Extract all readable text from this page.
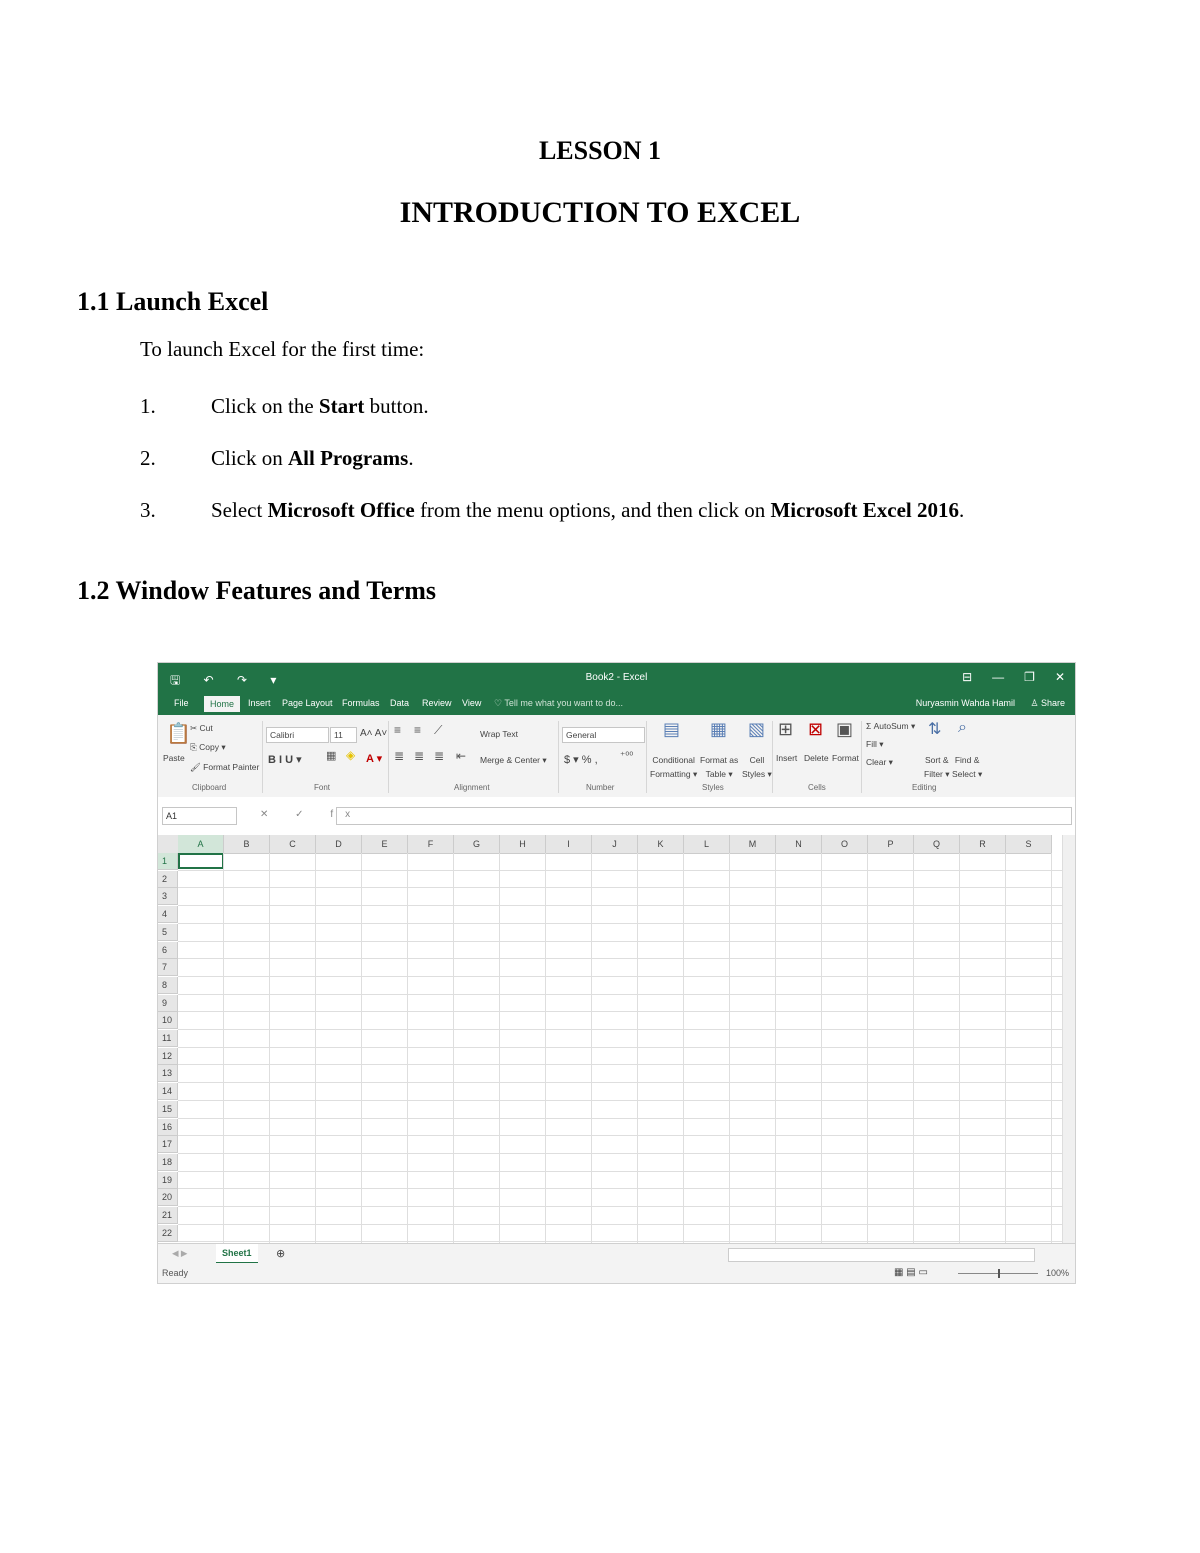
LESSON 1
INTRODUCTION TO EXCEL
1.1 Launch Excel
To launch Excel for the first time:
1.	Click on the Start button.
2.	Click on All Programs.
3.	Select Microsoft Office from the menu options, and then click on Microsoft Excel 2016.
1.2 Window Features and Terms
🖫 ↶ ↷ ▾	Book2 - Excel	⊟ — ❐ ✕
File	Home	Insert Page Layout Formulas Data Review View ♡ Tell me what you want to do...	Nuryasmin Wahda Hamil ♙ Share
📋
Paste
✂ Cut
⎘ Copy ▾
🖌 Format Painter
Calibri	11	A˄ A˅
B I U ▾ ▦ ◈ A ▾
≡ ≡ ⟋
≣ ≣ ≣ ⇤
Wrap Text
Merge & Center ▾
General
$ ▾ % , ⁺⁰⁰
▤
Conditional
Formatting ▾
▦
Format as
Table ▾
▧
Cell
Styles ▾
⊞
Insert
⊠
Delete
▣
Format
Σ AutoSum ▾
Fill ▾
Clear ▾
⇅
Sort &
Filter ▾
⌕
Find &
Select ▾
Clipboard	Font	Alignment	Number	Styles	Cells	Editing
A1	✕ ✓ fx
A	B	C	D	E	F	G	H	I	J	K	L	M	N	O	P	Q	R	S
1
2
3
4
5
6
7
8
9
10
11
12
13
14
15
16
17
18
19
20
21
22
◀ ▶	Sheet1	⊕
Ready	▦ ▤ ▭	100%
